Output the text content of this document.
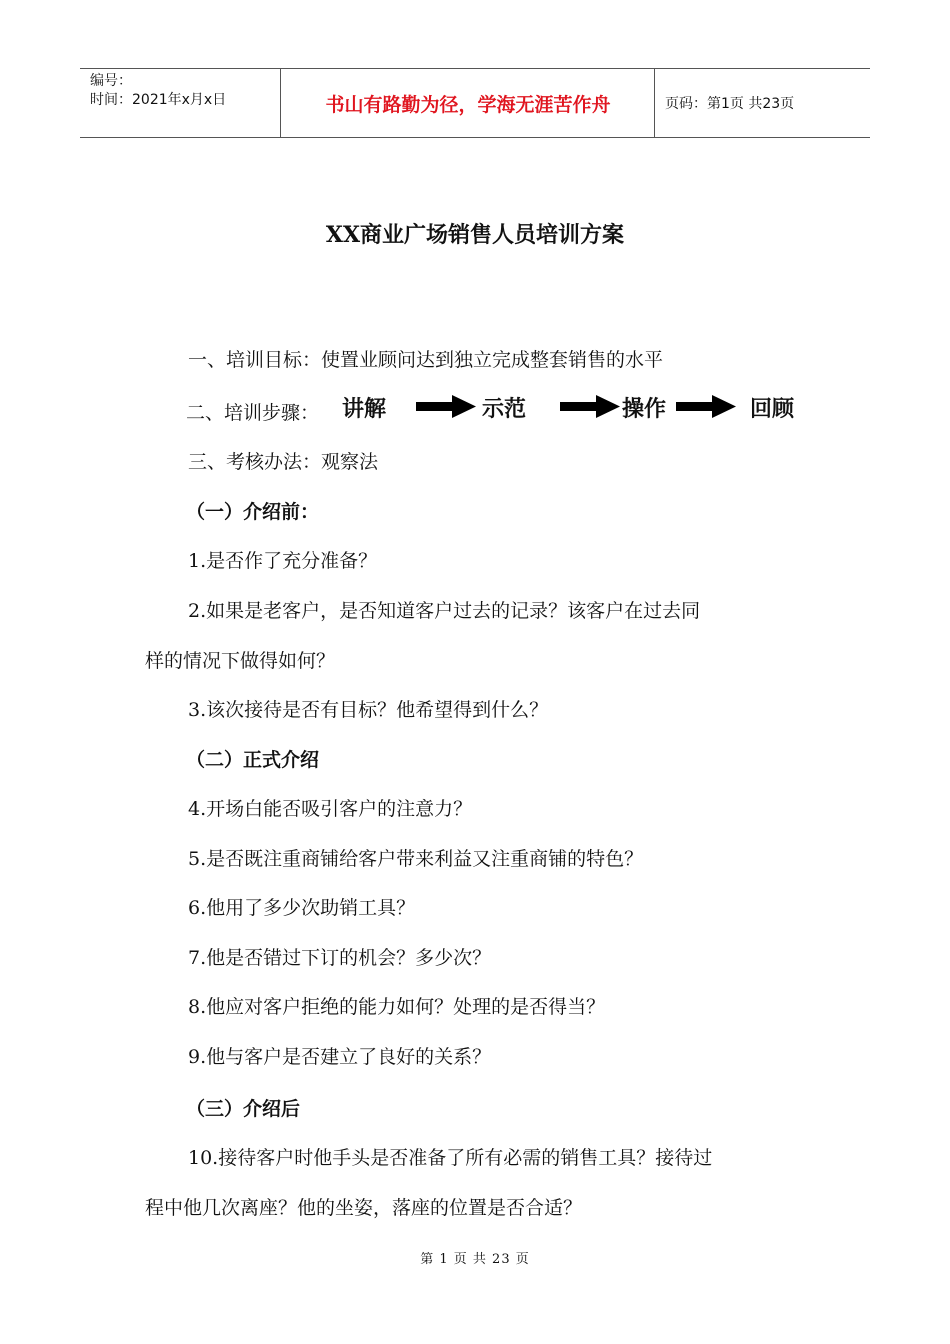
编号：
时间：2021年x月x日	书山有路勤为径，学海无涯苦作舟	页码：第1页 共23页
XX商业广场销售人员培训方案
一、培训目标：使置业顾问达到独立完成整套销售的水平
二、培训步骤： 讲解	示范	操作	回顾
三、考核办法：观察法
（一）介绍前：
1.是否作了充分准备？
2.如果是老客户，是否知道客户过去的记录？该客户在过去同
样的情况下做得如何？
3.该次接待是否有目标？他希望得到什么？
（二）正式介绍
4.开场白能否吸引客户的注意力？
5.是否既注重商铺给客户带来利益又注重商铺的特色？
6.他用了多少次助销工具？
7.他是否错过下订的机会？多少次？
8.他应对客户拒绝的能力如何？处理的是否得当？
9.他与客户是否建立了良好的关系？
（三）介绍后
10.接待客户时他手头是否准备了所有必需的销售工具？接待过
程中他几次离座？他的坐姿，落座的位置是否合适？
第 1 页 共 23 页
